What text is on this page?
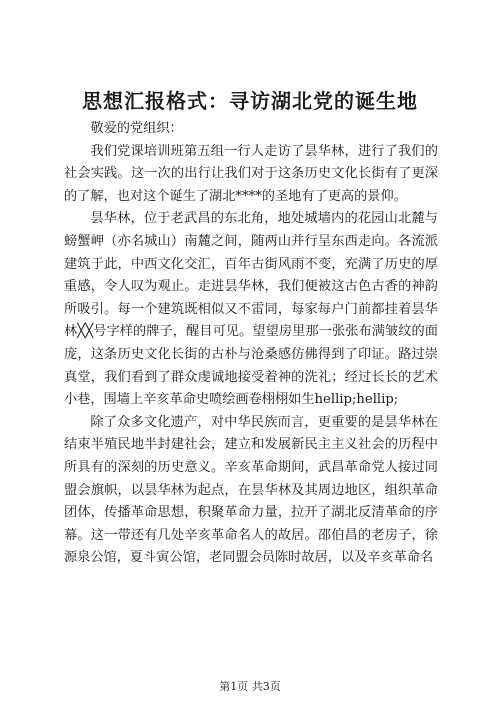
思想汇报格式：寻访湖北党的诞生地

敬爱的党组织：

我们党课培训班第五组一行人走访了昙华林，进行了我们的社会实践。这一次的出行让我们对于这条历史文化长街有了更深的了解，也对这个诞生了湖北****的圣地有了更高的景仰。

昙华林，位于老武昌的东北角，地处城墙内的花园山北麓与螃蟹岬（亦名城山）南麓之间，随两山并行呈东西走向。各流派建筑于此，中西文化交汇，百年古街风雨不变，充满了历史的厚重感，令人叹为观止。走进昙华林，我们便被这古色古香的神韵所吸引。每一个建筑既相似又不雷同，每家每户门前都挂着昙华林╳╳号字样的牌子，醒目可见。望望房里那一张张布满皱纹的面庞，这条历史文化长街的古朴与沧桑感仿佛得到了印证。路过崇真堂，我们看到了群众虔诚地接受着神的洗礼；经过长长的艺术小巷，围墙上辛亥革命史喷绘画卷栩栩如生hellip;hellip;

除了众多文化遗产，对中华民族而言，更重要的是昙华林在结束半殖民地半封建社会，建立和发展新民主主义社会的历程中所具有的深刻的历史意义。辛亥革命期间，武昌革命党人接过同盟会旗帜，以昙华林为起点，在昙华林及其周边地区，组织革命团体，传播革命思想，积聚革命力量，拉开了湖北反清革命的序幕。这一带还有几处辛亥革命名人的故居。邵伯昌的老房子，徐源泉公馆，夏斗寅公馆，老同盟会员陈时故居，以及辛亥革命名

第1页 共3页
